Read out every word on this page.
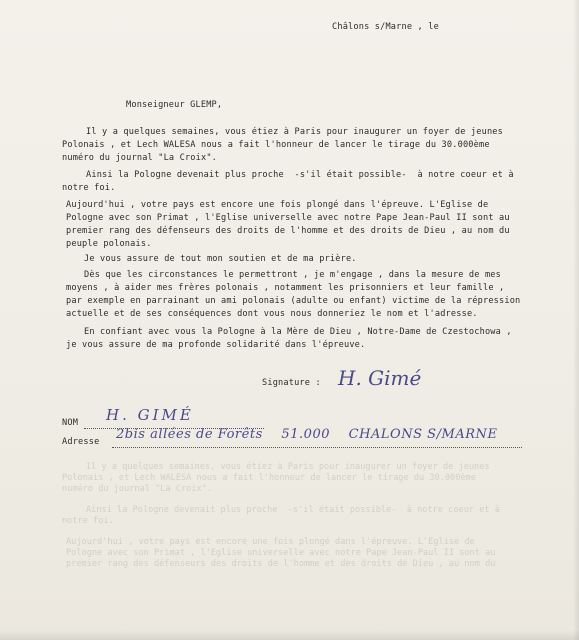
Châlons s/Marne , le
Monseigneur GLEMP,
Il y a quelques semaines, vous étiez à Paris pour inaugurer un foyer de jeunes
Polonais , et Lech WALESA nous a fait l'honneur de lancer le tirage du 30.000ème
numéro du journal "La Croix".
Ainsi la Pologne devenait plus proche  -s'il était possible-  à notre coeur et à
notre foi.
Aujourd'hui , votre pays est encore une fois plongé dans l'épreuve. L'Eglise de
Pologne avec son Primat , l'Eglise universelle avec notre Pape Jean-Paul II sont au
premier rang des défenseurs des droits de l'homme et des droits de Dieu , au nom du
peuple polonais.
Je vous assure de tout mon soutien et de ma prière.
Dès que les circonstances le permettront , je m'engage , dans la mesure de mes
moyens , à aider mes frères polonais , notamment les prisonniers et leur famille ,
par exemple en parrainant un ami polonais (adulte ou enfant) victime de la répression
actuelle et de ses conséquences dont vous nous donneriez le nom et l'adresse.
En confiant avec vous la Pologne à la Mère de Dieu , Notre-Dame de Czestochowa ,
je vous assure de ma profonde solidarité dans l'épreuve.
Signature : H. Gimé
NOM H. GIMÉ
Adresse 2bis allées de Forêts    51.000    CHALONS S/MARNE
Il y a quelques semaines, vous étiez à Paris pour inaugurer un foyer de jeunes
Polonais , et Lech WALESA nous a fait l'honneur de lancer le tirage du 30.000ème
numéro du journal "La Croix".
Ainsi la Pologne devenait plus proche  -s'il était possible-  à notre coeur et à
notre foi.
Aujourd'hui , votre pays est encore une fois plongé dans l'épreuve. L'Eglise de
Pologne avec son Primat , l'Eglise universelle avec notre Pape Jean-Paul II sont au
premier rang des défenseurs des droits de l'homme et des droits de Dieu , au nom du
